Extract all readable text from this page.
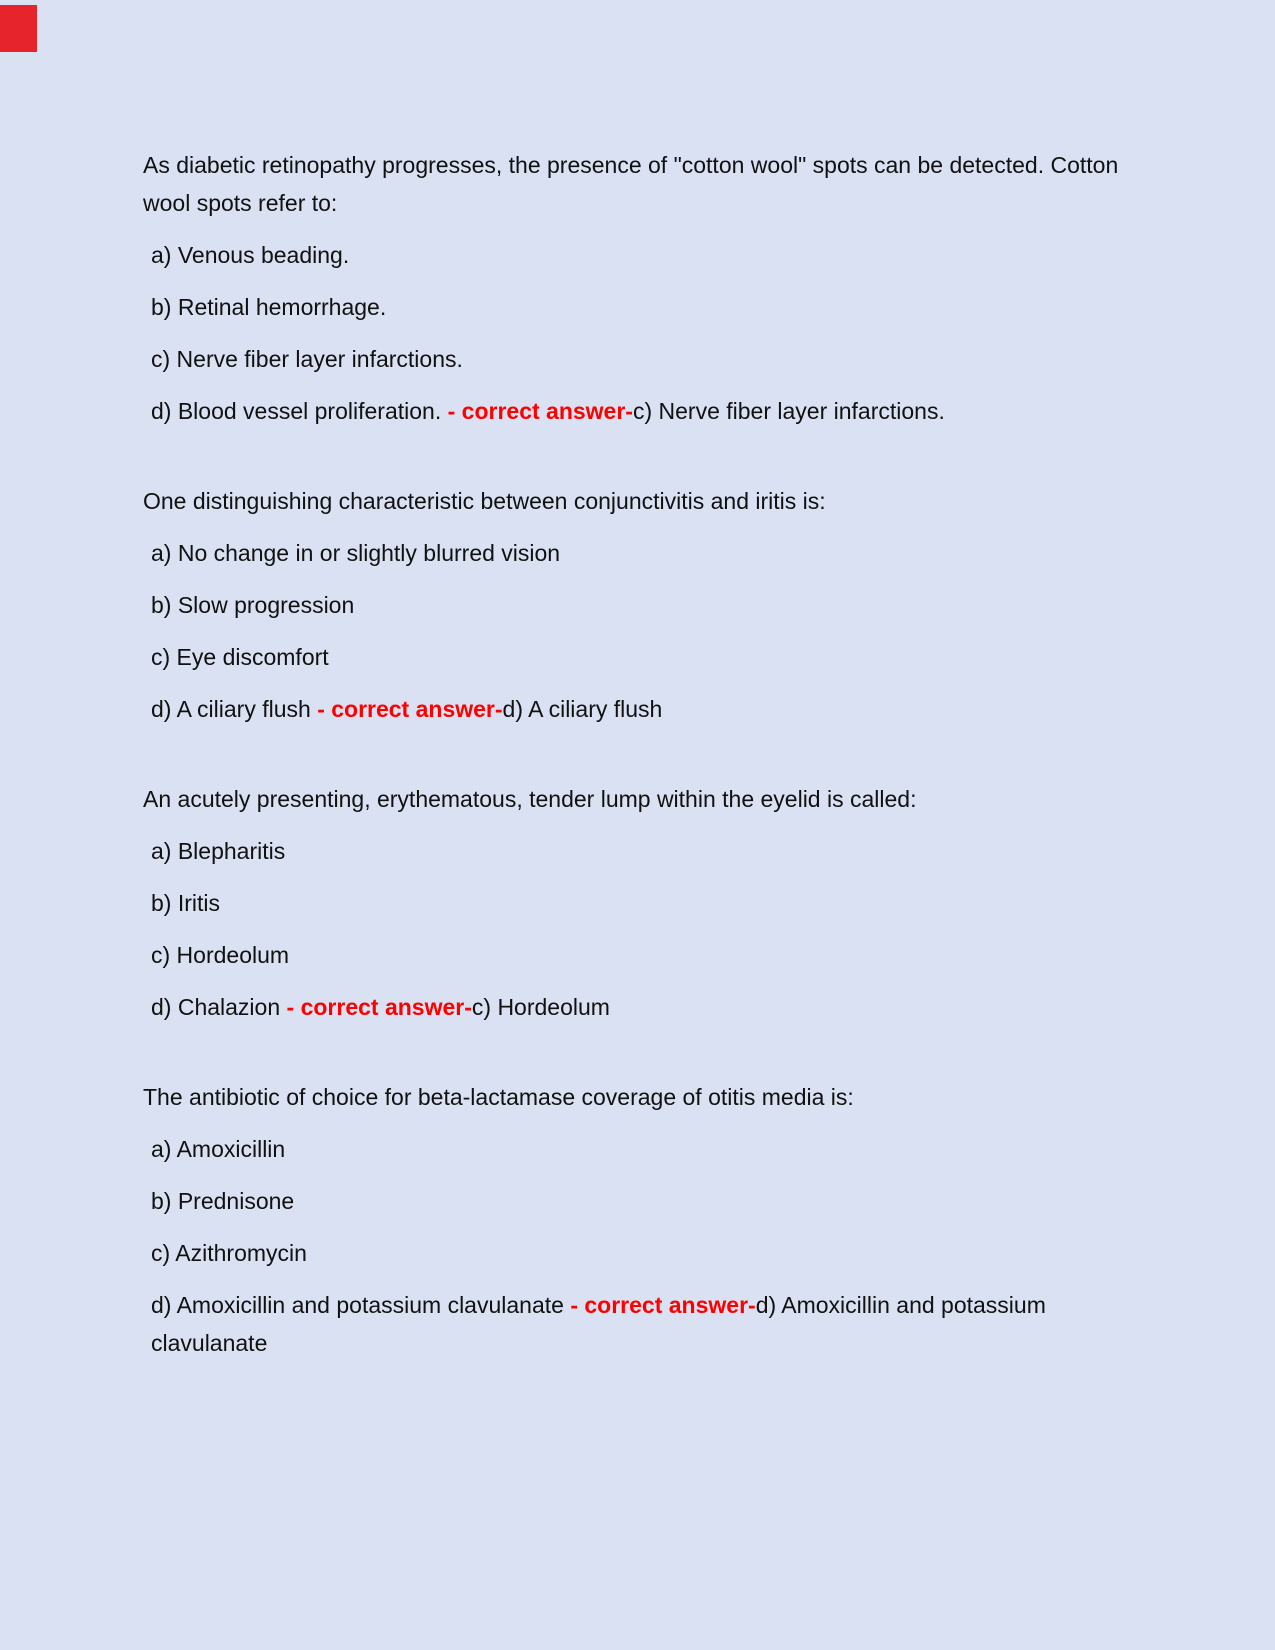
As diabetic retinopathy progresses, the presence of "cotton wool" spots can be detected. Cotton wool spots refer to:

a) Venous beading.

b) Retinal hemorrhage.

c) Nerve fiber layer infarctions.

d) Blood vessel proliferation. - correct answer-c) Nerve fiber layer infarctions.

One distinguishing characteristic between conjunctivitis and iritis is:

a) No change in or slightly blurred vision

b) Slow progression

c) Eye discomfort

d) A ciliary flush - correct answer-d) A ciliary flush

An acutely presenting, erythematous, tender lump within the eyelid is called:

a) Blepharitis

b) Iritis

c) Hordeolum

d) Chalazion - correct answer-c) Hordeolum

The antibiotic of choice for beta-lactamase coverage of otitis media is:

a) Amoxicillin

b) Prednisone

c) Azithromycin

d) Amoxicillin and potassium clavulanate - correct answer-d) Amoxicillin and potassium clavulanate
